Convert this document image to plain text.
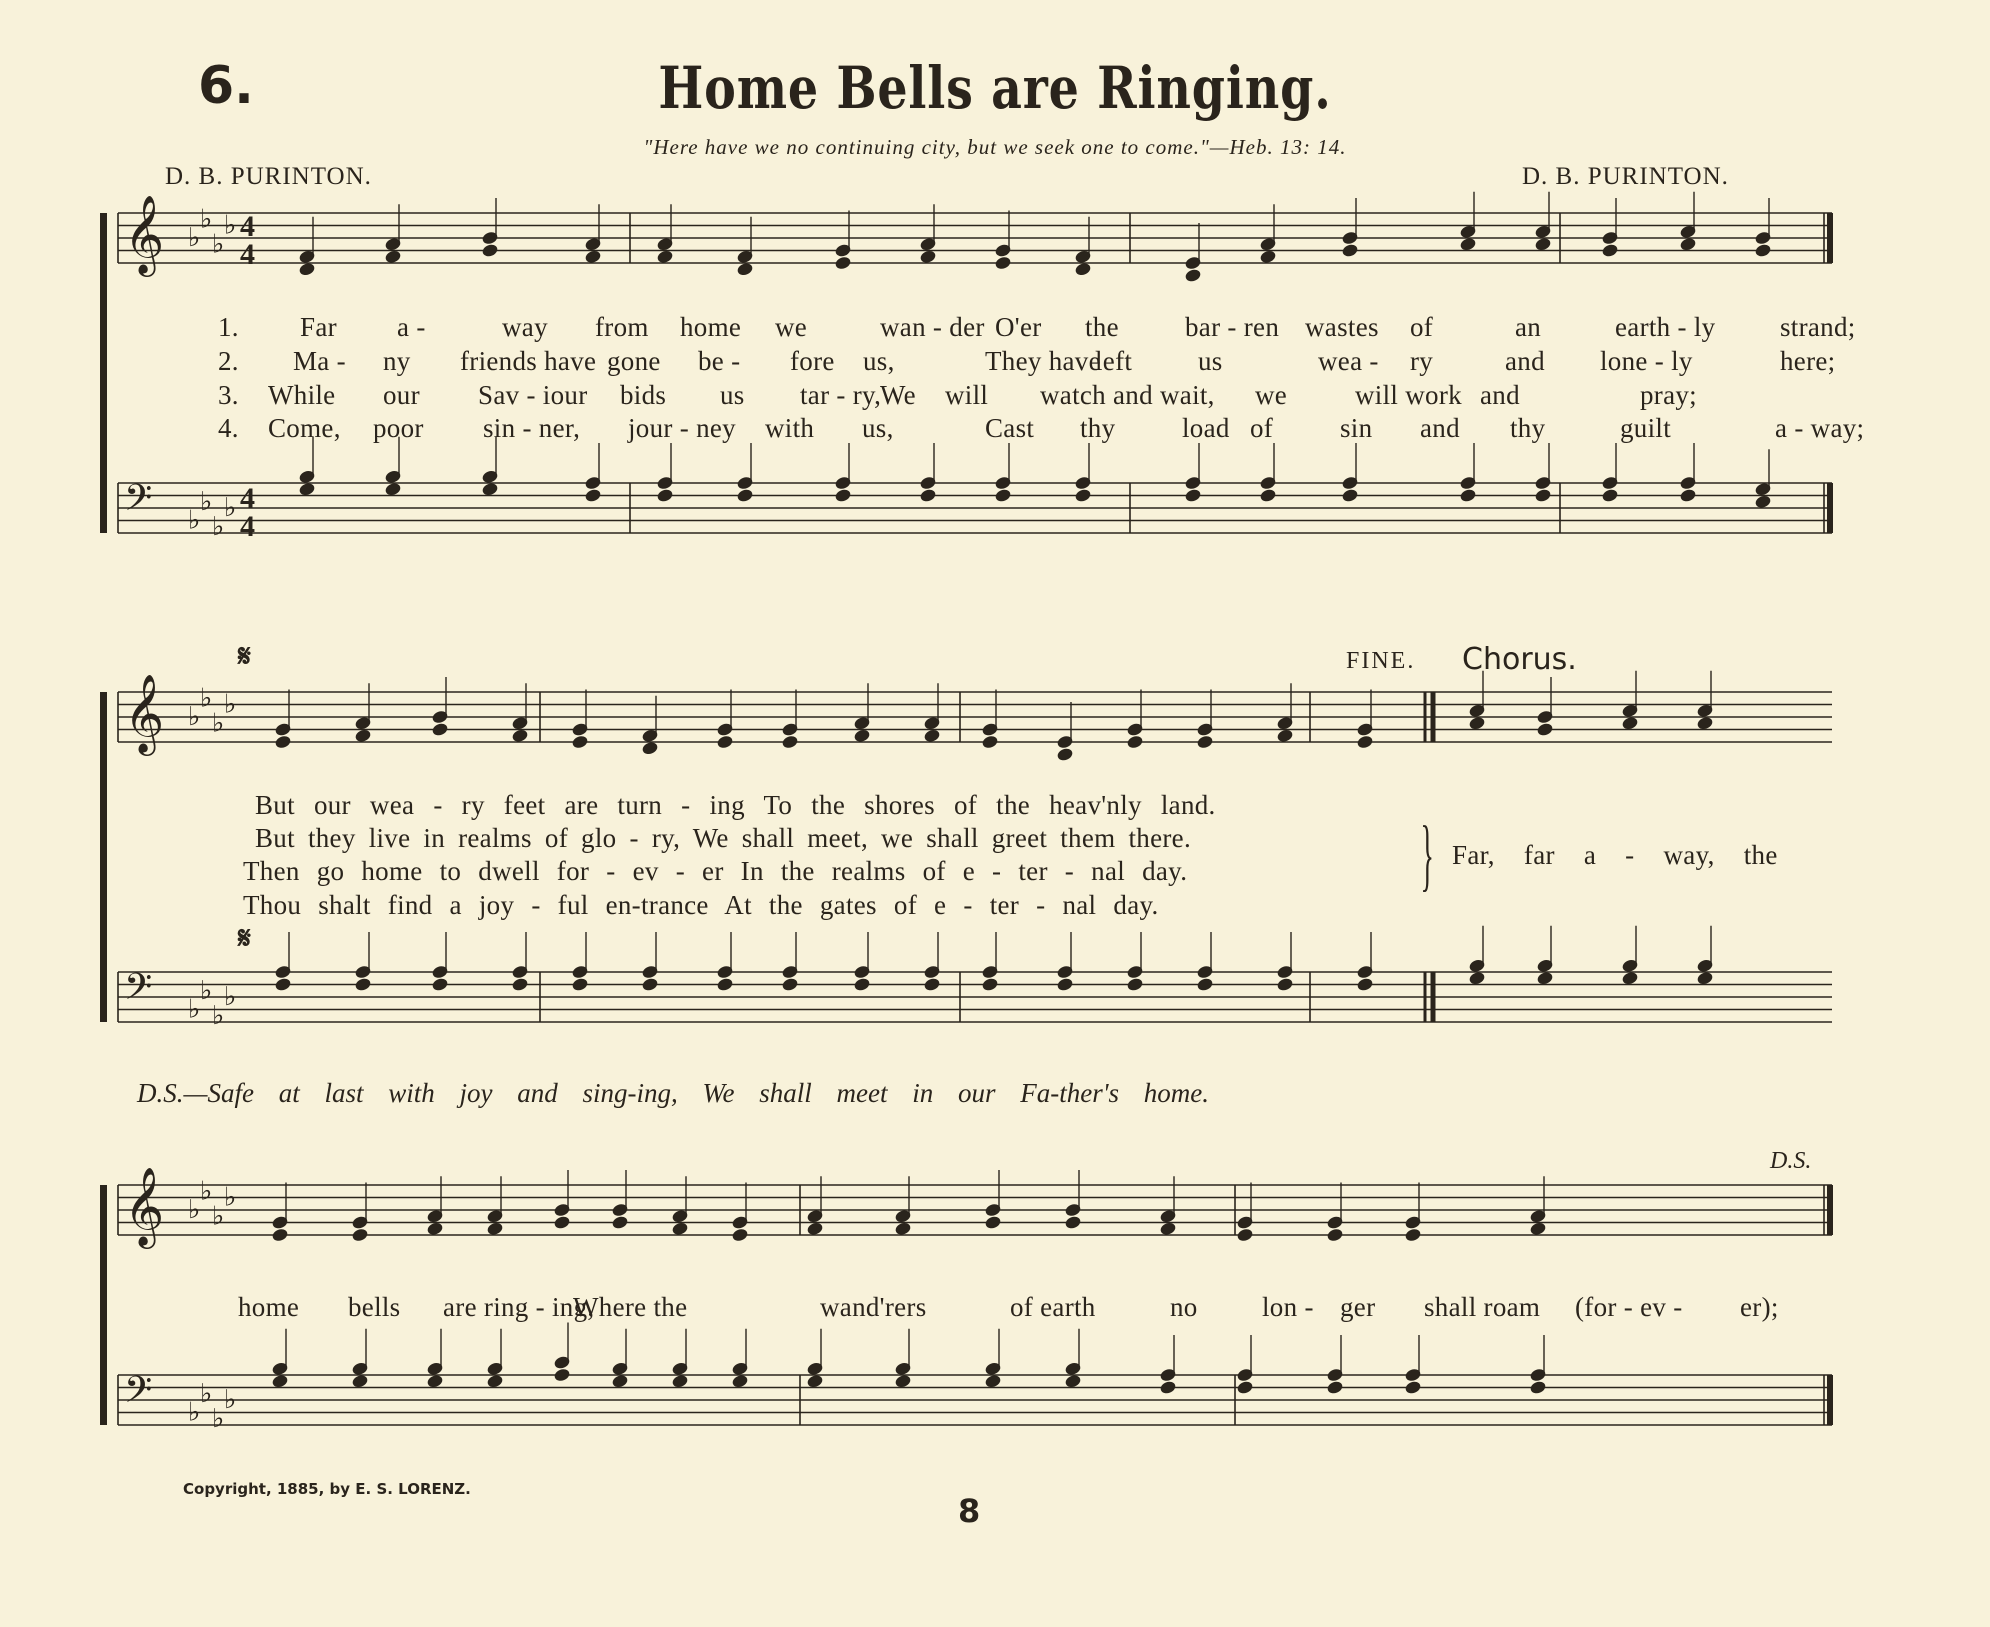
6.	Home Bells are Ringing.
"Here have we no continuing city, but we seek one to come."—Heb. 13: 14.
D. B. PURINTON.	D. B. PURINTON.
𝄞 ♭
♭
♭
♭
𝄢 ♭
♭
♭
♭
𝄞 ♭
♭
♭
♭
𝄢 ♭
♭
♭
♭
𝄞 ♭
♭
♭
♭
𝄢 ♭
♭
♭
♭
4
4
4
4
1.
2.
3.
4.
Far a -	way from home we	wan - der O'er the bar - ren wastes of	an	earth - ly strand;
Ma - ny friends have gone be - fore us,	They have
left us	wea - ry	and lone - ly	here;
While our Sav - iour bids us tar - ry,
We will watch and wait, we	will work and	pray;
Come, poor sin - ner, jour - ney with us,	Cast thy load of sin and thy	guilt	a - way;
𝄋
𝄋
FINE. Chorus.
But our wea - ry feet are turn - ing To the shores of the heav'nly land.
But they live in realms of glo - ry, We shall meet, we shall greet them there.
Then go home to dwell for - ev - er In the realms of e - ter - nal day.
Thou shalt find a joy - ful en-trance At the gates of e - ter - nal day.
} Far, far a - way, the
D.S.—Safe at last with joy and sing-ing, We shall meet in our Fa-ther's home.
D.S.
home bells are ring - ing,
Where the	wand'rers	of earth	no lon - ger shall roam (for - ev - er);
Copyright, 1885, by E. S. LORENZ.
8
